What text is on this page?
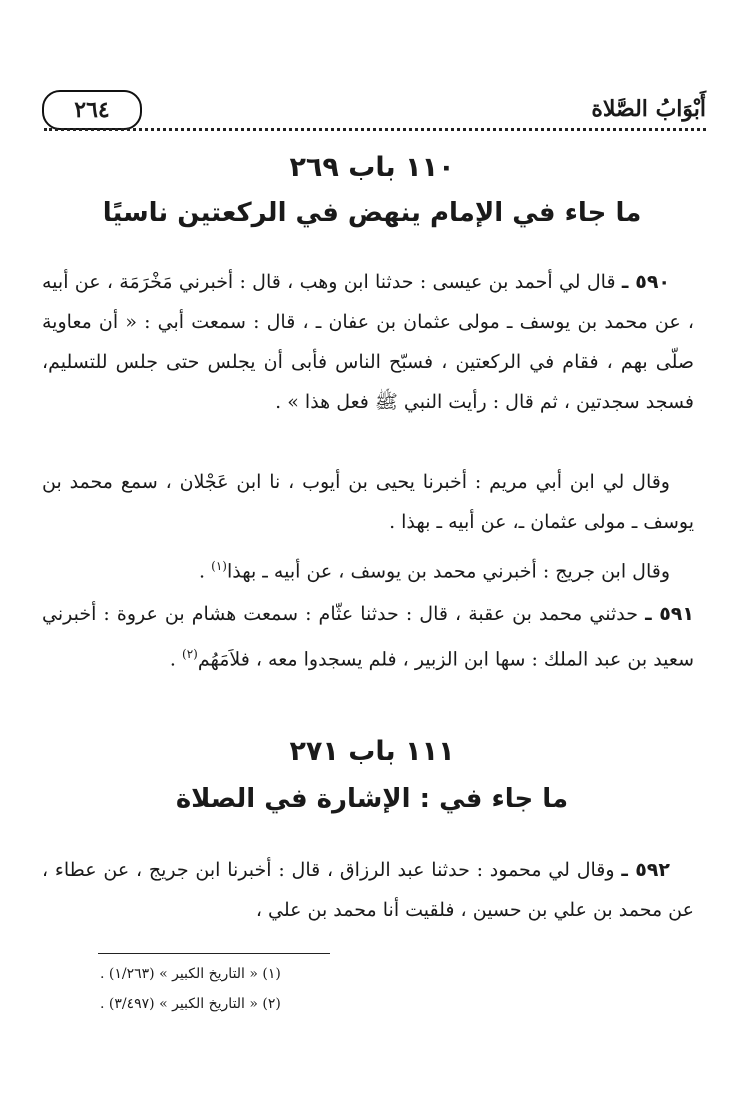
أَبْوَابُ الصَّلاة
٢٦٤
١١٠ باب ٢٦٩
ما جاء في الإمام ينهض في الركعتين ناسيًا
٥٩٠ ـ قال لي أحمد بن عيسى : حدثنا ابن وهب ، قال : أخبرني مَخْرَمَة ، عن أبيه ، عن محمد بن يوسف ـ مولى عثمان بن عفان ـ ، قال : سمعت أبي : « أن معاوية صلّى بهم ، فقام في الركعتين ، فسبّح الناس فأبى أن يجلس حتى جلس للتسليم، فسجد سجدتين ، ثم قال : رأيت النبي ﷺ فعل هذا » .
وقال لي ابن أبي مريم : أخبرنا يحيى بن أيوب ، نا ابن عَجْلان ، سمع محمد بن يوسف ـ مولى عثمان ـ، عن أبيه ـ بهذا .
وقال ابن جريج : أخبرني محمد بن يوسف ، عن أبيه ـ بهذا$^{(١)}$ .
٥٩١ ـ حدثني محمد بن عقبة ، قال : حدثنا عثّام : سمعت هشام بن عروة : أخبرني سعيد بن عبد الملك : سها ابن الزبير ، فلم يسجدوا معه ، فلاَمَهُم$^{(٢)}$ .
١١١ باب ٢٧١
ما جاء في : الإشارة في الصلاة
٥٩٢ ـ وقال لي محمود : حدثنا عبد الرزاق ، قال : أخبرنا ابن جريج ، عن عطاء ، عن محمد بن علي بن حسين ، فلقيت أنا محمد بن علي ،
(١) « التاريخ الكبير » (١/٢٦٣) .
(٢) « التاريخ الكبير » (٣/٤٩٧) .
